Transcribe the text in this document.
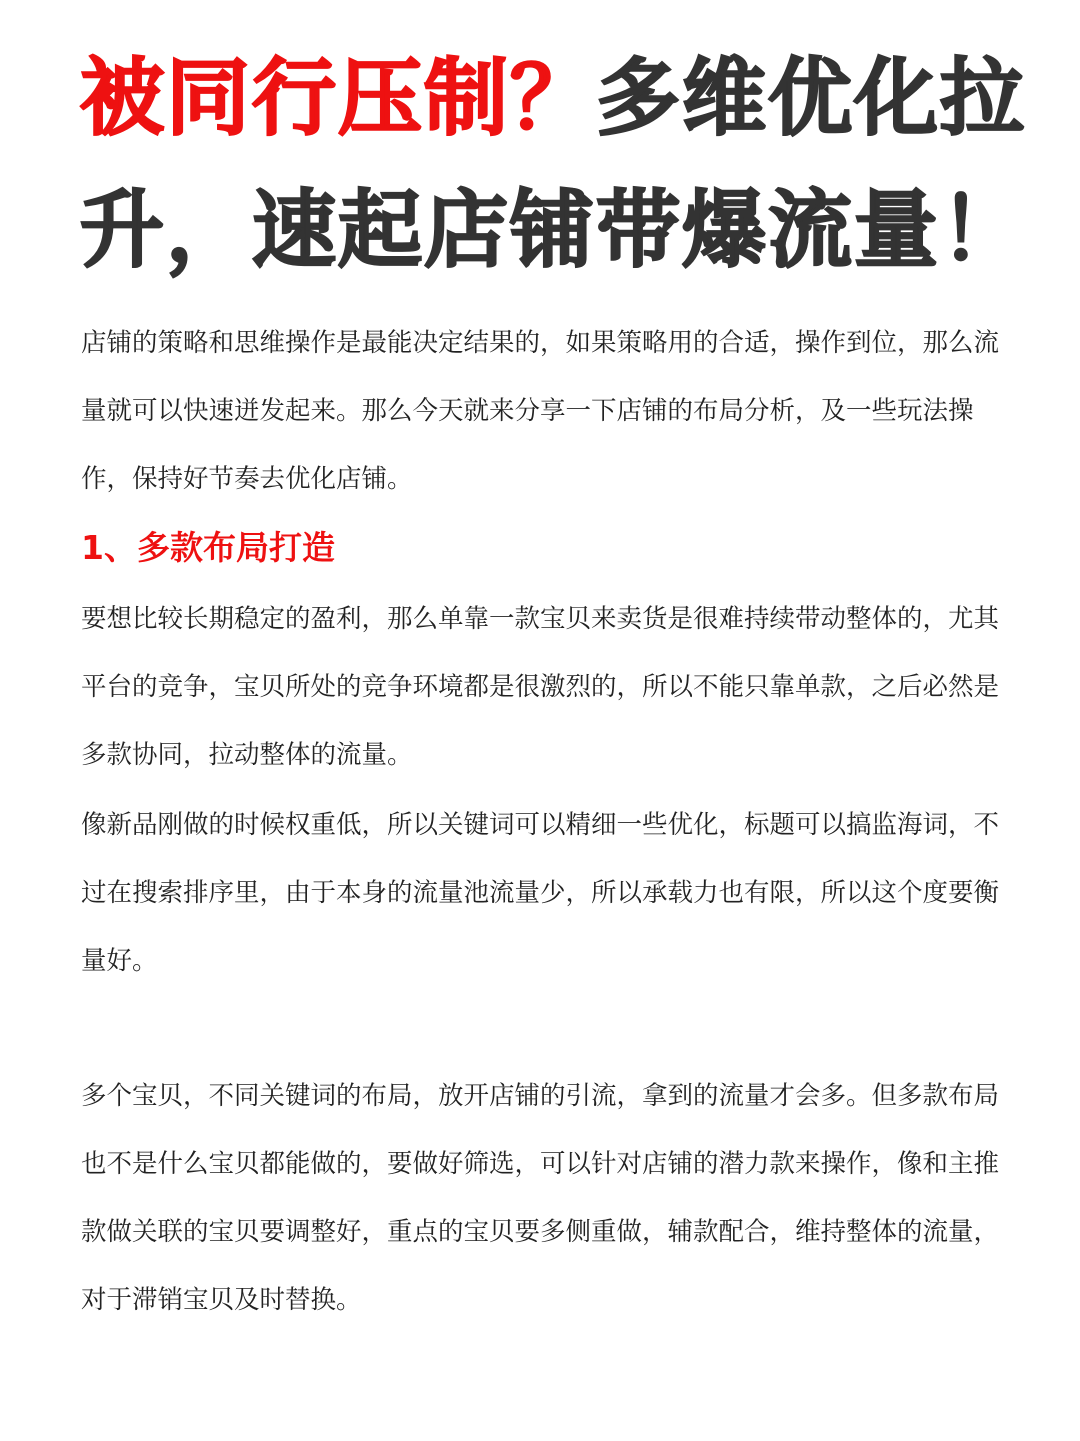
被同行压制？多维优化拉
升，速起店铺带爆流量！

店铺的策略和思维操作是最能决定结果的，如果策略用的合适，操作到位，那么流量就可以快速迸发起来。那么今天就来分享一下店铺的布局分析，及一些玩法操作，保持好节奏去优化店铺。

1、多款布局打造

要想比较长期稳定的盈利，那么单靠一款宝贝来卖货是很难持续带动整体的，尤其平台的竞争，宝贝所处的竞争环境都是很激烈的，所以不能只靠单款，之后必然是多款协同，拉动整体的流量。

像新品刚做的时候权重低，所以关键词可以精细一些优化，标题可以搞监海词，不过在搜索排序里，由于本身的流量池流量少，所以承载力也有限，所以这个度要衡量好。

多个宝贝，不同关键词的布局，放开店铺的引流，拿到的流量才会多。但多款布局也不是什么宝贝都能做的，要做好筛选，可以针对店铺的潜力款来操作，像和主推款做关联的宝贝要调整好，重点的宝贝要多侧重做，辅款配合，维持整体的流量，对于滞销宝贝及时替换。
